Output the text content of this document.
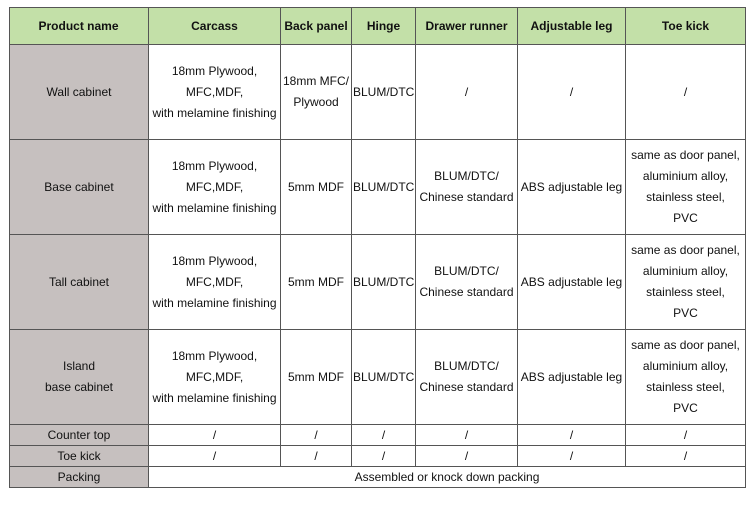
Product name	Carcass	Back panel	Hinge	Drawer runner	Adjustable leg	Toe kick

Wall cabinet	18mm Plywood,
MFC,MDF,
with melamine finishing	18mm MFC/
Plywood	BLUM/DTC	/	/	/

Base cabinet	18mm Plywood,
MFC,MDF,
with melamine finishing	5mm MDF	BLUM/DTC	BLUM/DTC/
Chinese standard	ABS adjustable leg	same as door panel,
aluminium alloy,
stainless steel,
PVC

Tall cabinet	18mm Plywood,
MFC,MDF,
with melamine finishing	5mm MDF	BLUM/DTC	BLUM/DTC/
Chinese standard	ABS adjustable leg	same as door panel,
aluminium alloy,
stainless steel,
PVC

Island
base cabinet	18mm Plywood,
MFC,MDF,
with melamine finishing	5mm MDF	BLUM/DTC	BLUM/DTC/
Chinese standard	ABS adjustable leg	same as door panel,
aluminium alloy,
stainless steel,
PVC

Counter top	/	/	/	/	/	/

Toe kick	/	/	/	/	/	/

Packing	Assembled or knock down packing					
